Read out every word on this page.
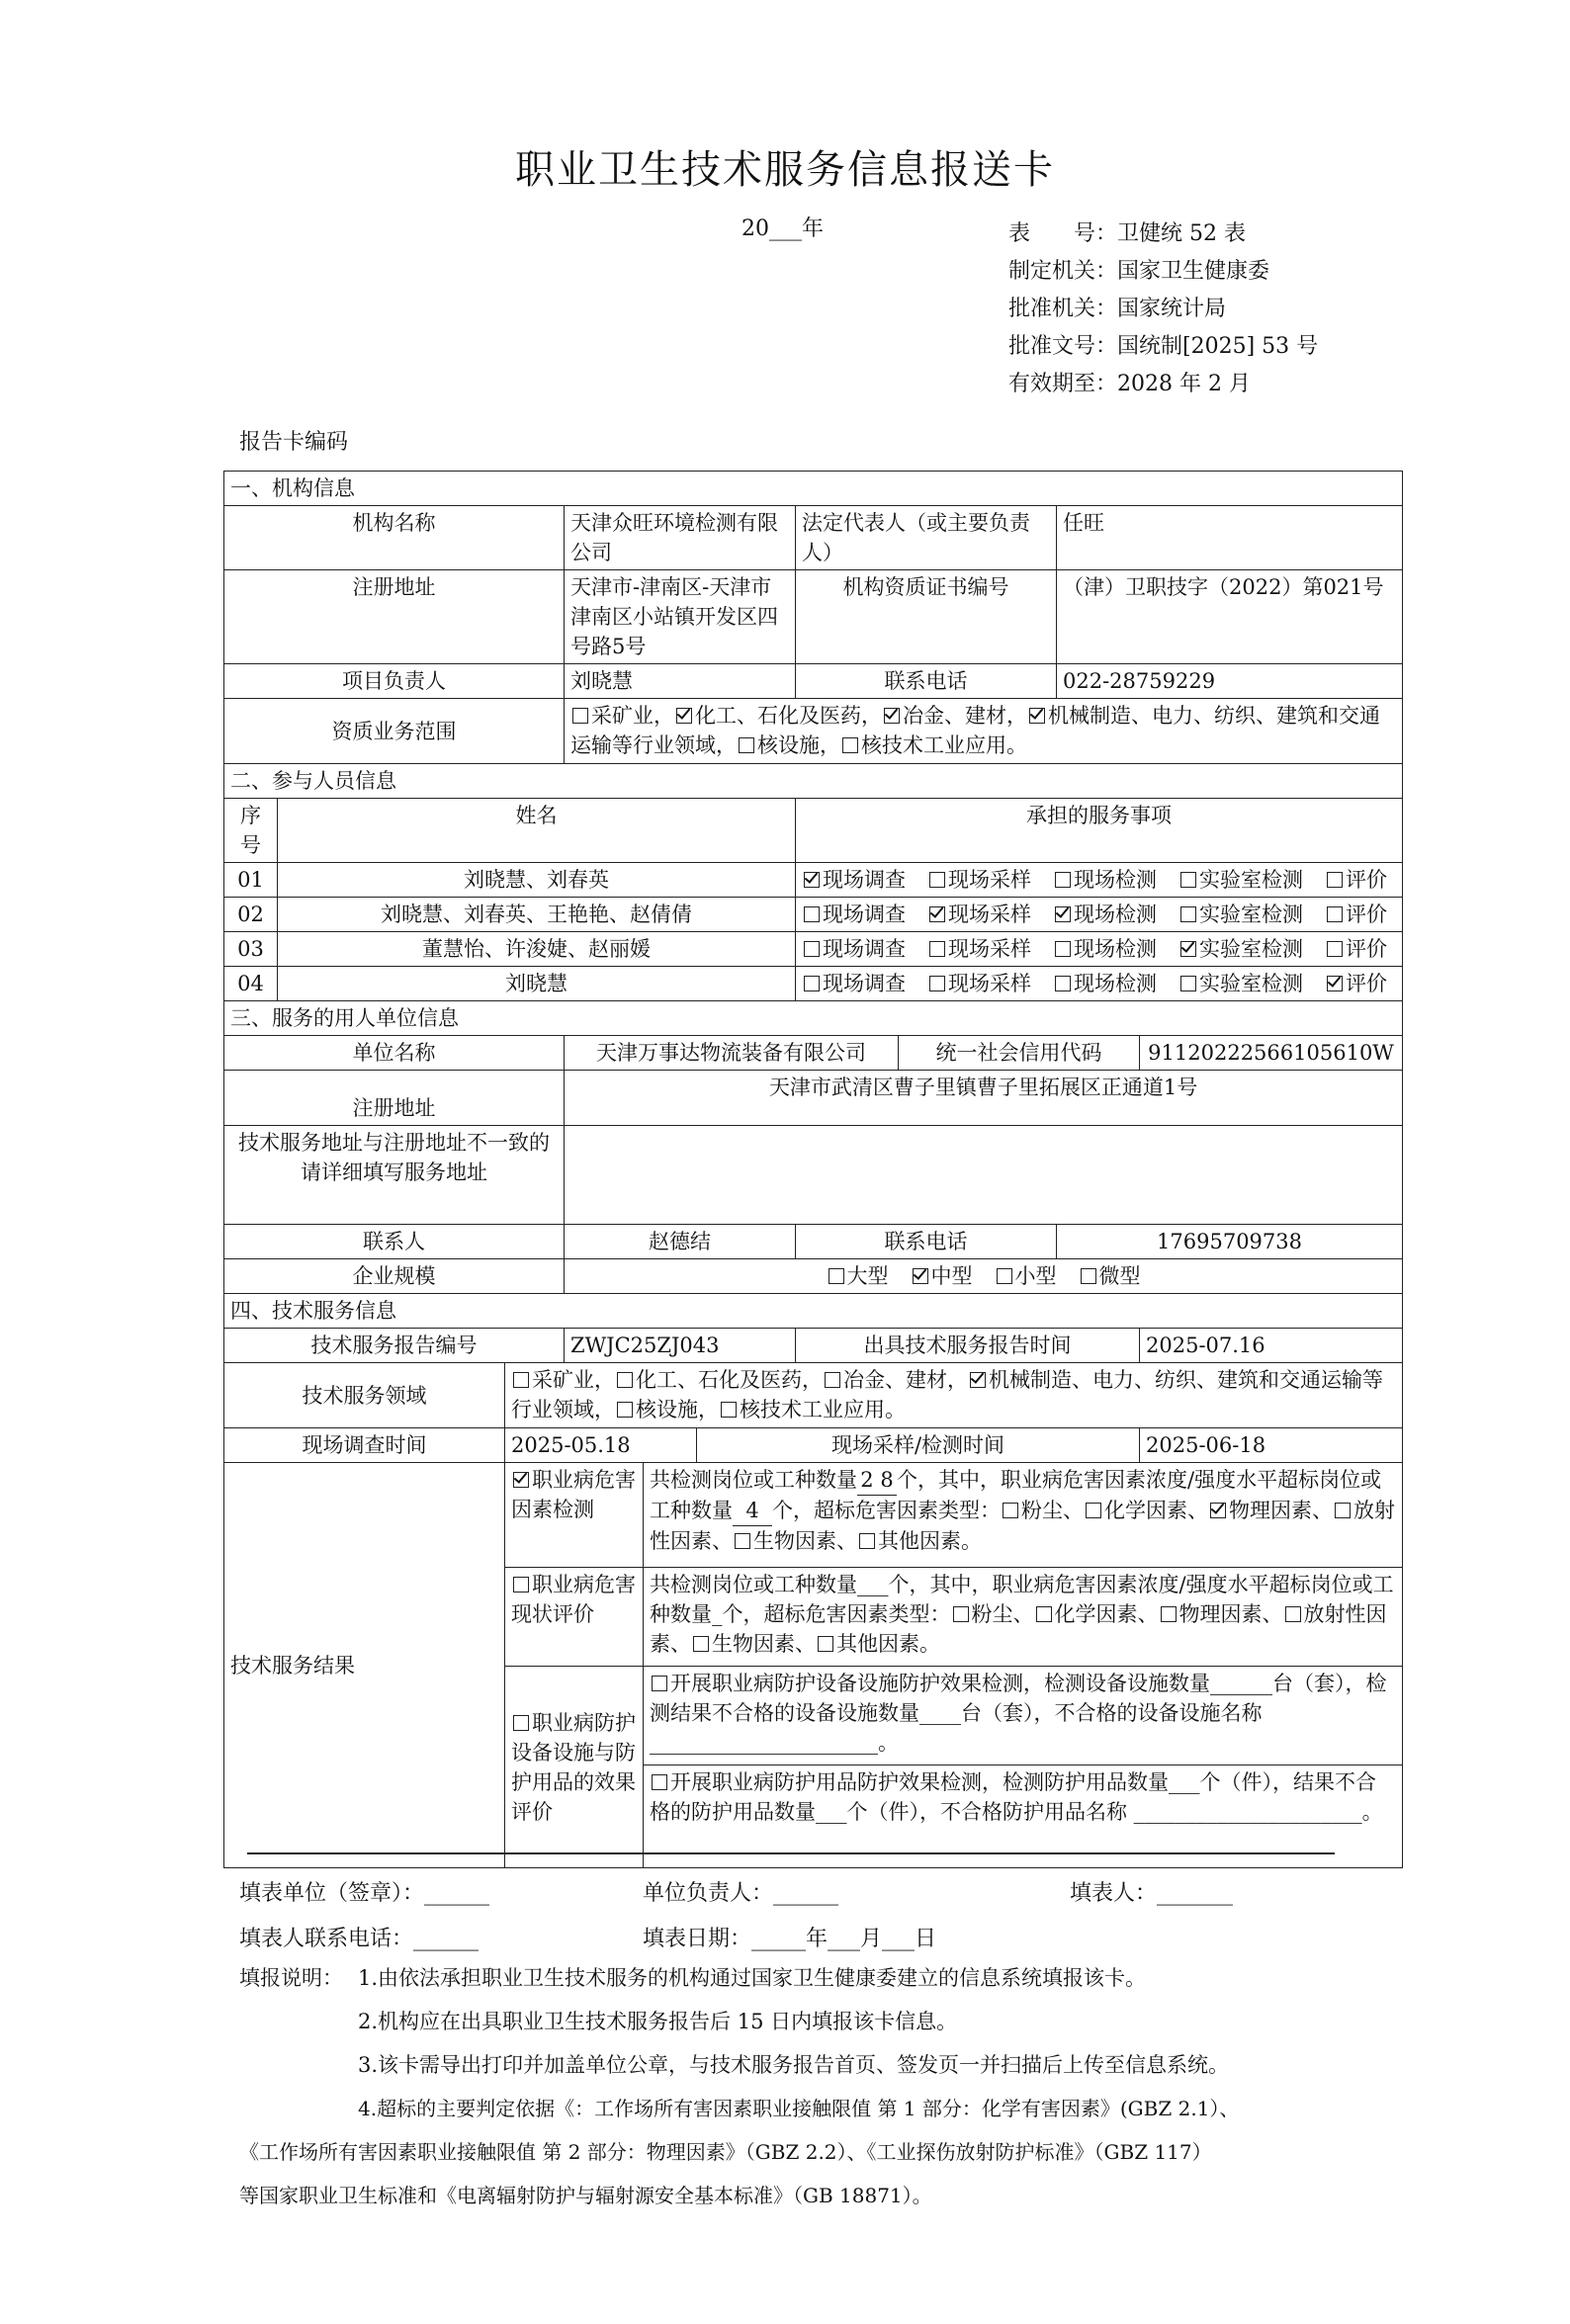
职业卫生技术服务信息报送卡
20___年	表　　号：卫健统 52 表
制定机关：国家卫生健康委
批准机关：国家统计局
批准文号：国统制[2025] 53 号
有效期至：2028 年 2 月
报告卡编码
一、机构信息									
机构名称			天津众旺环境检测有限公司			法定代表人（或主要负责人）		任旺	
注册地址			天津市-津南区-天津市津南区小站镇开发区四号路5号			机构资质证书编号		（津）卫职技字（2022）第021号	
项目负责人			刘晓慧			联系电话		022-28759229	
资质业务范围			采矿业， 化工、石化及医药， 冶金、建材， 机械制造、电力、纺织、建筑和交通运输等行业领域， 核设施， 核技术工业应用。						
二、参与人员信息									
序号	姓名					承担的服务事项			
01	刘晓慧、刘春英					现场调查 现场采样 现场检测 实验室检测 评价			
02	刘晓慧、刘春英、王艳艳、赵倩倩					现场调查 现场采样 现场检测 实验室检测 评价			
03	董慧怡、许浚婕、赵丽媛					现场调查 现场采样 现场检测 实验室检测 评价			
04	刘晓慧					现场调查 现场采样 现场检测 实验室检测 评价			
三、服务的用人单位信息									
单位名称			天津万事达物流装备有限公司				统一社会信用代码		91120222566105610W
注册地址			天津市武清区曹子里镇曹子里拓展区正通道1号						
技术服务地址与注册地址不一致的请详细填写服务地址									
联系人			赵德结			联系电话		17695709738	
企业规模			大型 中型 小型 微型						
四、技术服务信息									
技术服务报告编号			ZWJC25ZJ043			出具技术服务报告时间			2025-07.16
技术服务领域		采矿业， 化工、石化及医药， 冶金、建材， 机械制造、电力、纺织、建筑和交通运输等行业领域， 核设施， 核技术工业应用。							
现场调查时间		2025-05.18			现场采样/检测时间				2025-06-18
技术服务结果		职业病危害因素检测		共检测岗位或工种数量 2 8 个，其中，职业病危害因素浓度/强度水平超标岗位或工种数量 4 个，超标危害因素类型： 粉尘、 化学因素、 物理因素、 放射性因素、 生物因素、 其他因素。					
		职业病危害现状评价		共检测岗位或工种数量___个，其中，职业病危害因素浓度/强度水平超标岗位或工种数量_个，超标危害因素类型： 粉尘、 化学因素、 物理因素、 放射性因素、 生物因素、 其他因素。					
		职业病防护设备设施与防护用品的效果评价		开展职业病防护设备设施防护效果检测，检测设备设施数量______台（套），检测结果不合格的设备设施数量____台（套），不合格的设备设施名称 ______________________。					
				开展职业病防护用品防护效果检测，检测防护用品数量___个（件），结果不合格的防护用品数量___个（件），不合格防护用品名称 ______________________。					
填表单位（签章）：______	单位负责人：______	填表人：_______
填表人联系电话：______	填表日期：_____年___月___日
填报说明： 1.由依法承担职业卫生技术服务的机构通过国家卫生健康委建立的信息系统填报该卡。
2.机构应在出具职业卫生技术服务报告后 15 日内填报该卡信息。
3.该卡需导出打印并加盖单位公章，与技术服务报告首页、签发页一并扫描后上传至信息系统。
4.超标的主要判定依据《：工作场所有害因素职业接触限值 第 1 部分：化学有害因素》(GBZ 2.1）、
《工作场所有害因素职业接触限值 第 2 部分：物理因素》（GBZ 2.2）、《工业探伤放射防护标准》（GBZ 117）
等国家职业卫生标准和《电离辐射防护与辐射源安全基本标准》（GB 18871）。
